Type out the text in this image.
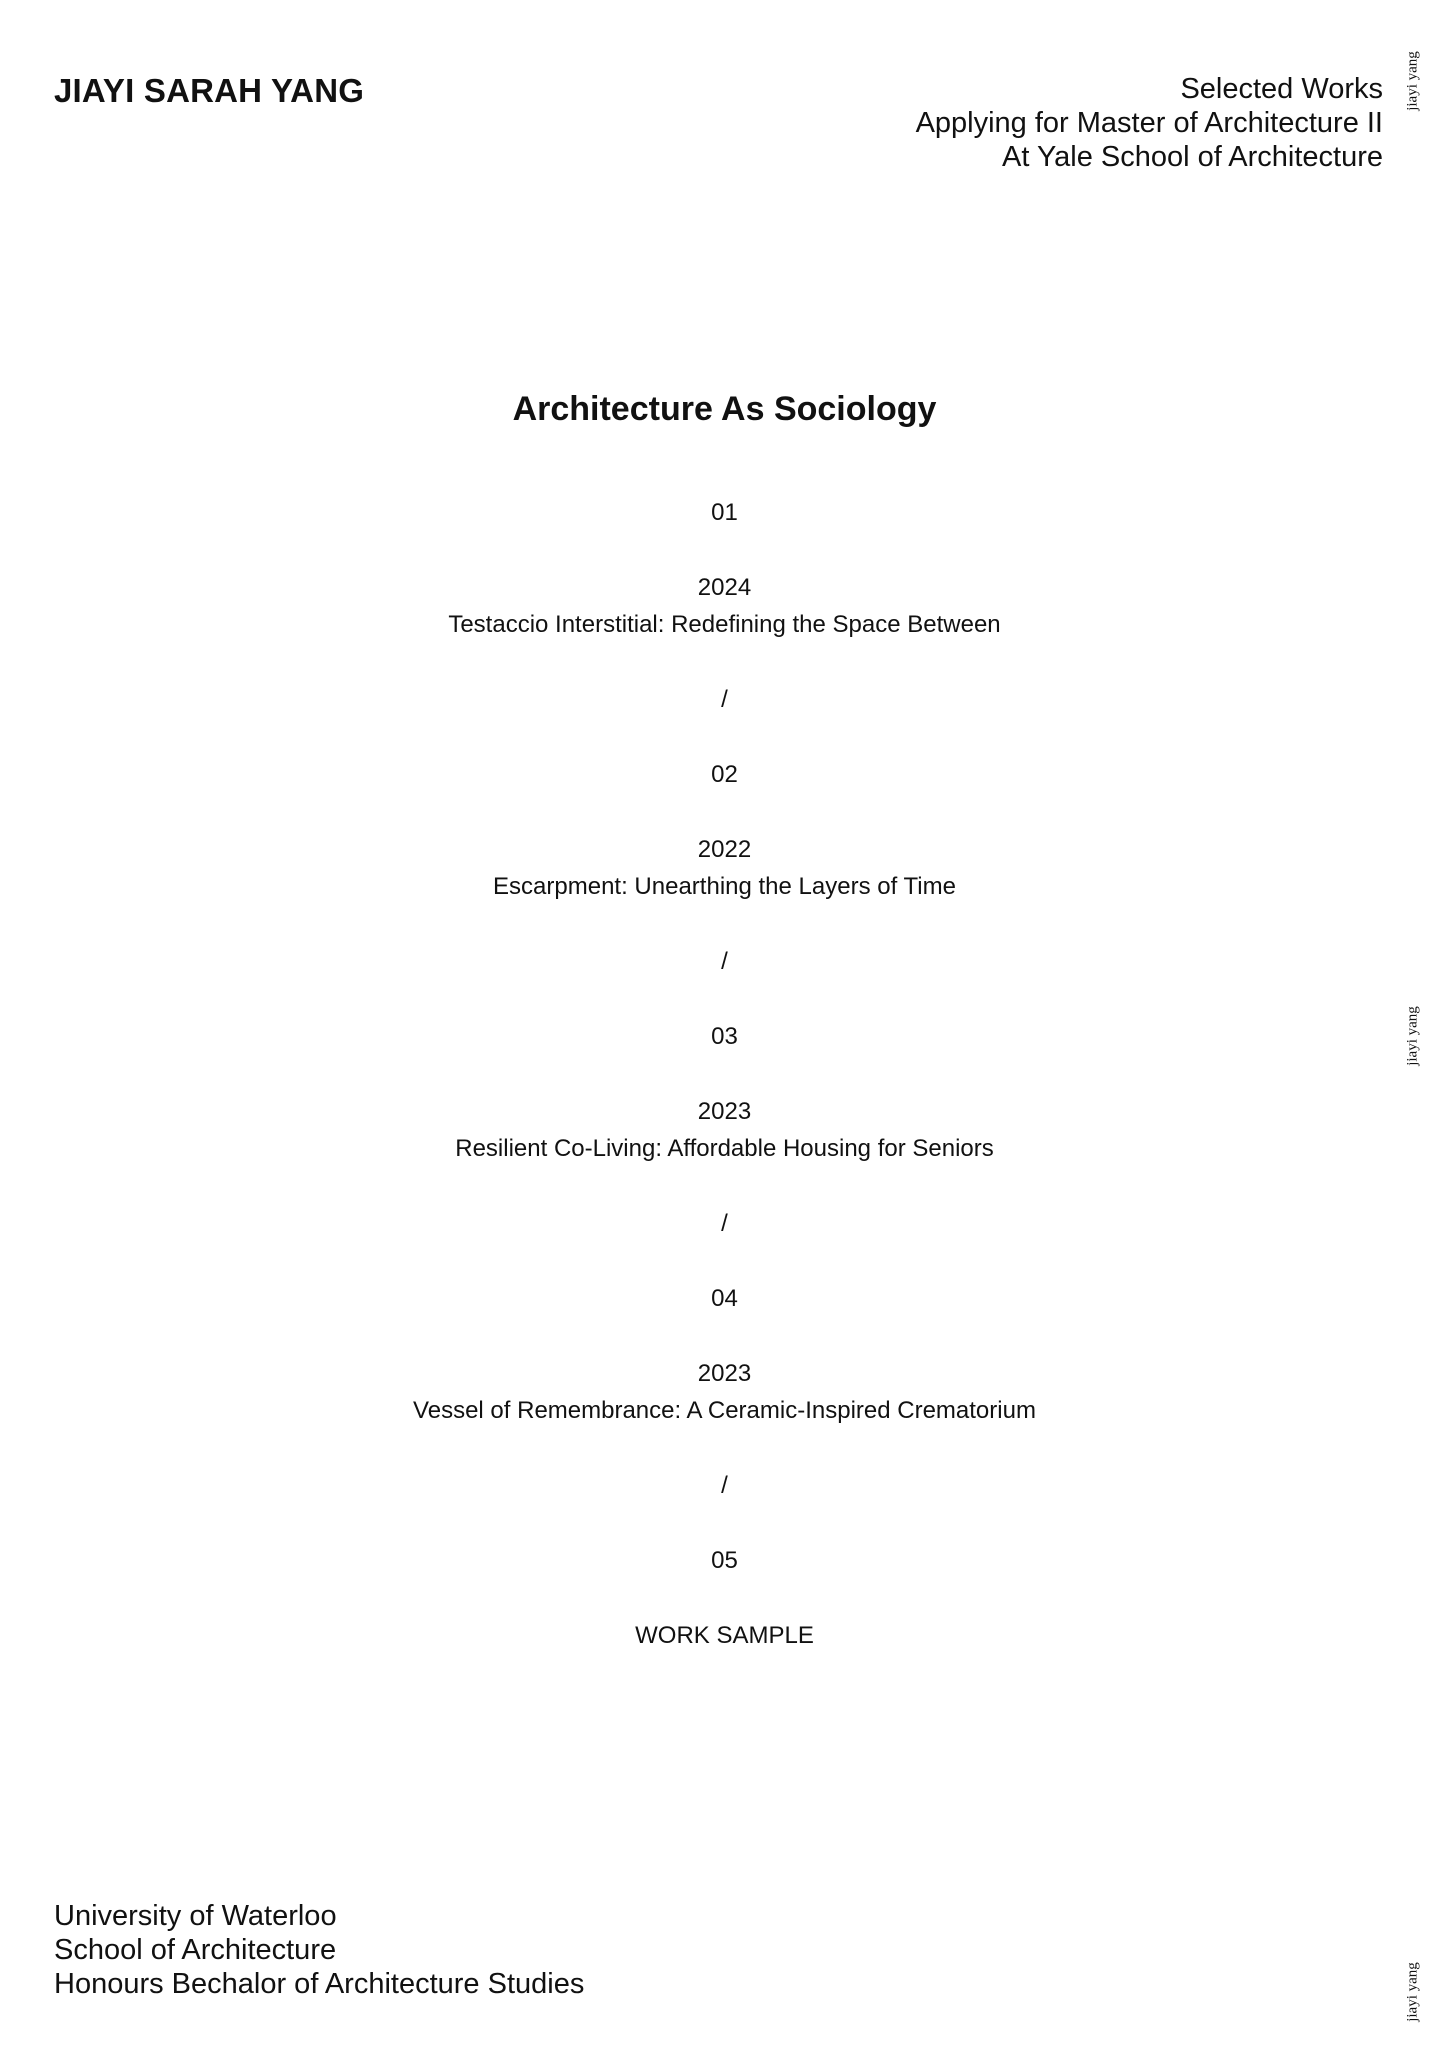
JIAYI SARAH YANG	Selected Works
Applying for Master of Architecture II
At Yale School of Architecture
jiayi yang
jiayi yang
jiayi yang
Architecture As Sociology
01
2024
Testaccio Interstitial: Redefining the Space Between
/
02
2022
Escarpment: Unearthing the Layers of Time
/
03
2023
Resilient Co-Living: Affordable Housing for Seniors
/
04
2023
Vessel of Remembrance: A Ceramic-Inspired Crematorium
/
05
WORK SAMPLE
University of Waterloo
School of Architecture
Honours Bechalor of Architecture Studies
